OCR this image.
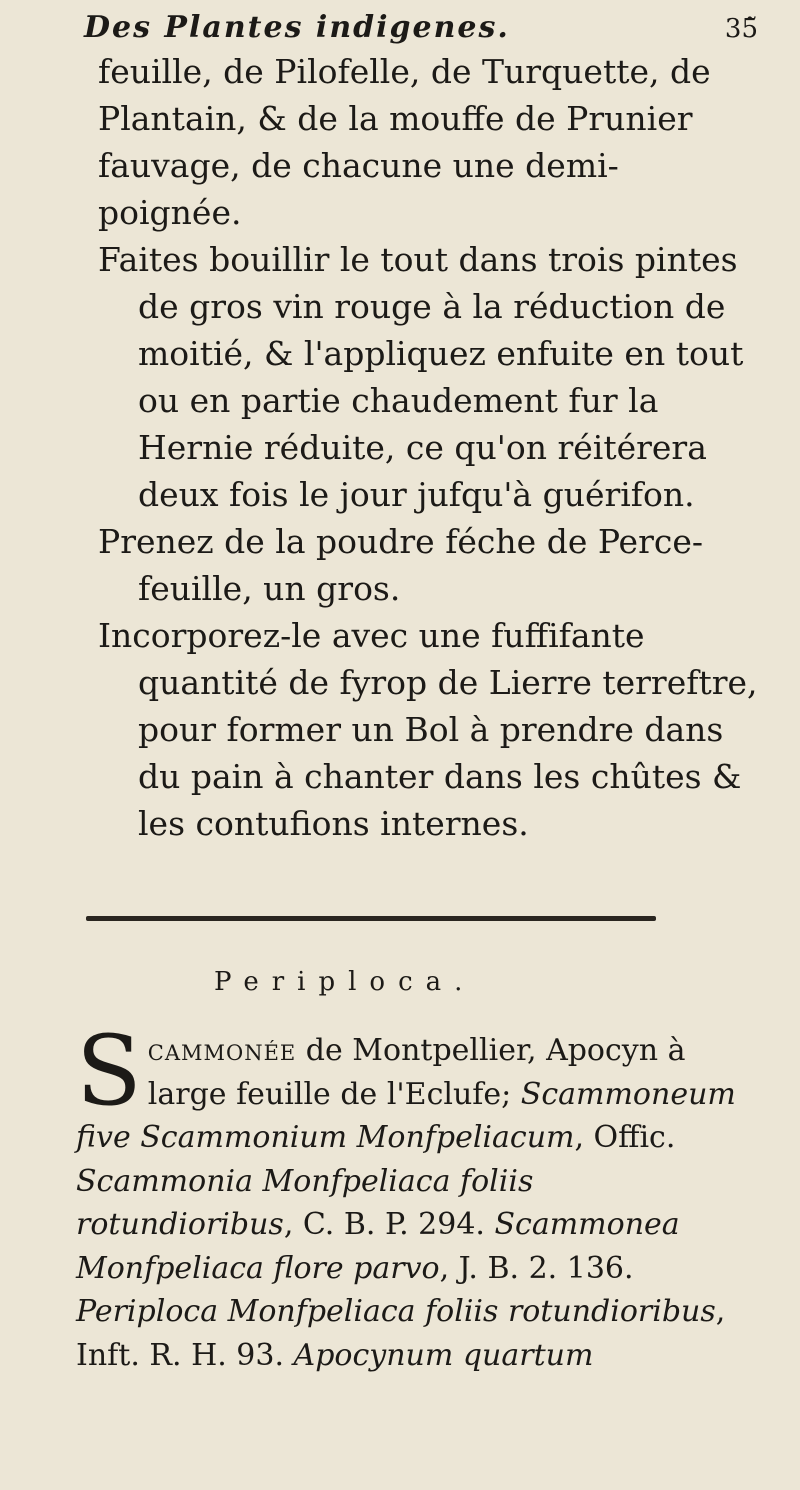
Des Plantes indigenes.	35̃

feuille, de Pilofelle, de Turquette, de Plantain, & de la mouffe de Prunier fauvage, de chacune une demi-poignée.

Faites bouillir le tout dans trois pintes de gros vin rouge à la réduction de moitié, & l'appliquez enfuite en tout ou en partie chaudement fur la Hernie réduite, ce qu'on réitérera deux fois le jour jufqu'à guérifon.

Prenez de la poudre féche de Perce-feuille, un gros.

Incorporez-le avec une fuffifante quantité de fyrop de Lierre terreftre, pour former un Bol à prendre dans du pain à chanter dans les chûtes & les contufions internes.

Periploca.
Scammonée de Montpellier, Apocyn à large feuille de l'Eclufe; Scammoneum five Scammonium Monfpeliacum, Offic. Scammonia Monfpeliaca foliis rotundioribus, C. B. P. 294. Scammonea Monfpeliaca flore parvo, J. B. 2. 136. Periploca Monfpeliaca foliis rotundioribus, Inft. R. H. 93. Apocynum quartum
